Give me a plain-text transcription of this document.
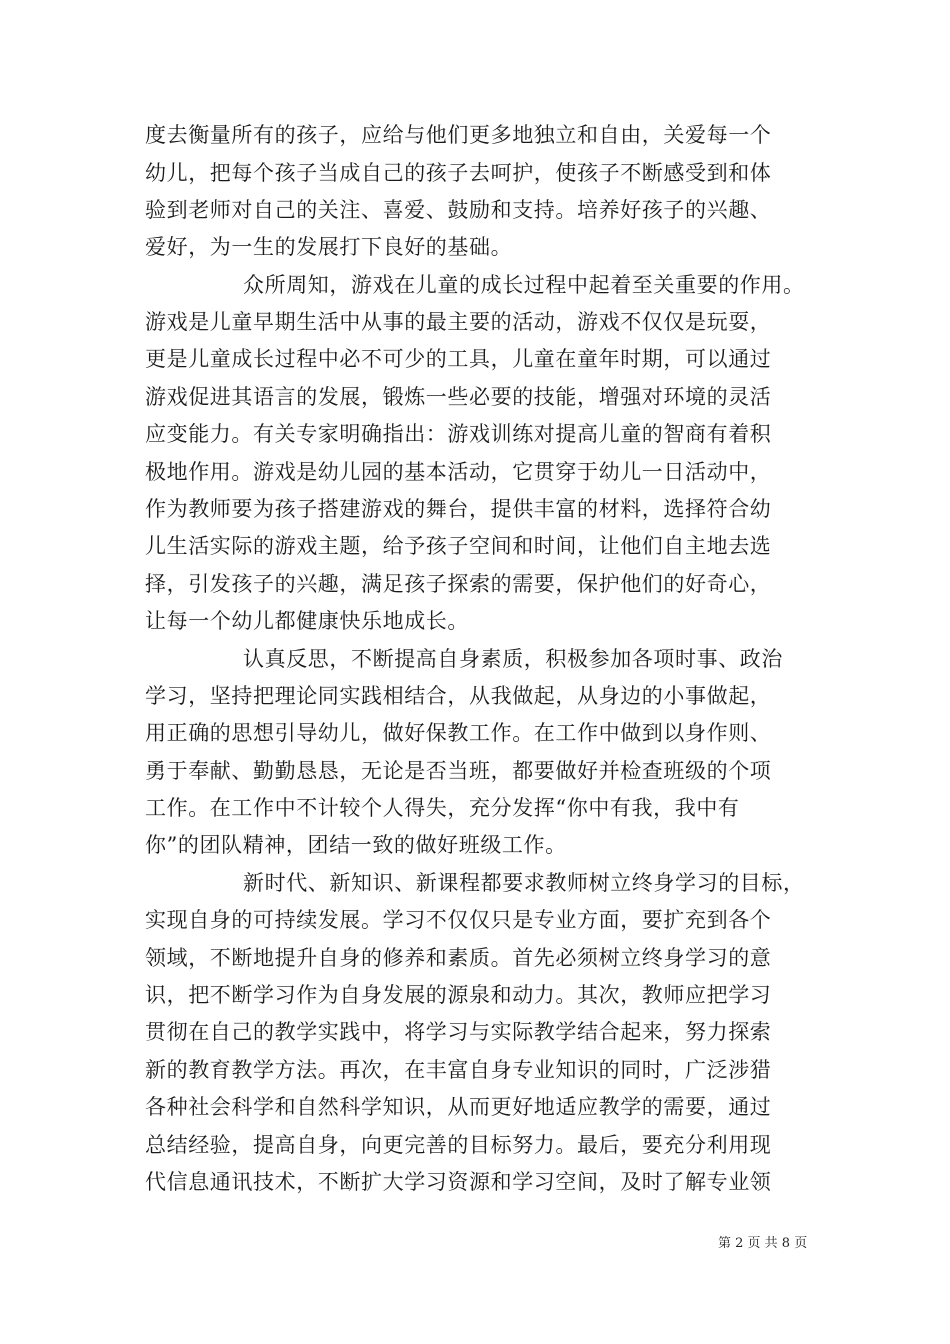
度去衡量所有的孩子，应给与他们更多地独立和自由，关爱每一个
幼儿，把每个孩子当成自己的孩子去呵护，使孩子不断感受到和体
验到老师对自己的关注、喜爱、鼓励和支持。培养好孩子的兴趣、
爱好，为一生的发展打下良好的基础。
众所周知，游戏在儿童的成长过程中起着至关重要的作用。
游戏是儿童早期生活中从事的最主要的活动，游戏不仅仅是玩耍，
更是儿童成长过程中必不可少的工具，儿童在童年时期，可以通过
游戏促进其语言的发展，锻炼一些必要的技能，增强对环境的灵活
应变能力。有关专家明确指出：游戏训练对提高儿童的智商有着积
极地作用。游戏是幼儿园的基本活动，它贯穿于幼儿一日活动中，
作为教师要为孩子搭建游戏的舞台，提供丰富的材料，选择符合幼
儿生活实际的游戏主题，给予孩子空间和时间，让他们自主地去选
择，引发孩子的兴趣，满足孩子探索的需要，保护他们的好奇心，
让每一个幼儿都健康快乐地成长。
认真反思，不断提高自身素质，积极参加各项时事、政治
学习，坚持把理论同实践相结合，从我做起，从身边的小事做起，
用正确的思想引导幼儿，做好保教工作。在工作中做到以身作则、
勇于奉献、勤勤恳恳，无论是否当班，都要做好并检查班级的个项
工作。在工作中不计较个人得失，充分发挥“你中有我，我中有
你”的团队精神，团结一致的做好班级工作。
新时代、新知识、新课程都要求教师树立终身学习的目标，
实现自身的可持续发展。学习不仅仅只是专业方面，要扩充到各个
领域，不断地提升自身的修养和素质。首先必须树立终身学习的意
识，把不断学习作为自身发展的源泉和动力。其次，教师应把学习
贯彻在自己的教学实践中，将学习与实际教学结合起来，努力探索
新的教育教学方法。再次，在丰富自身专业知识的同时，广泛涉猎
各种社会科学和自然科学知识，从而更好地适应教学的需要，通过
总结经验，提高自身，向更完善的目标努力。最后，要充分利用现
代信息通讯技术，不断扩大学习资源和学习空间，及时了解专业领
第 2 页 共 8 页
